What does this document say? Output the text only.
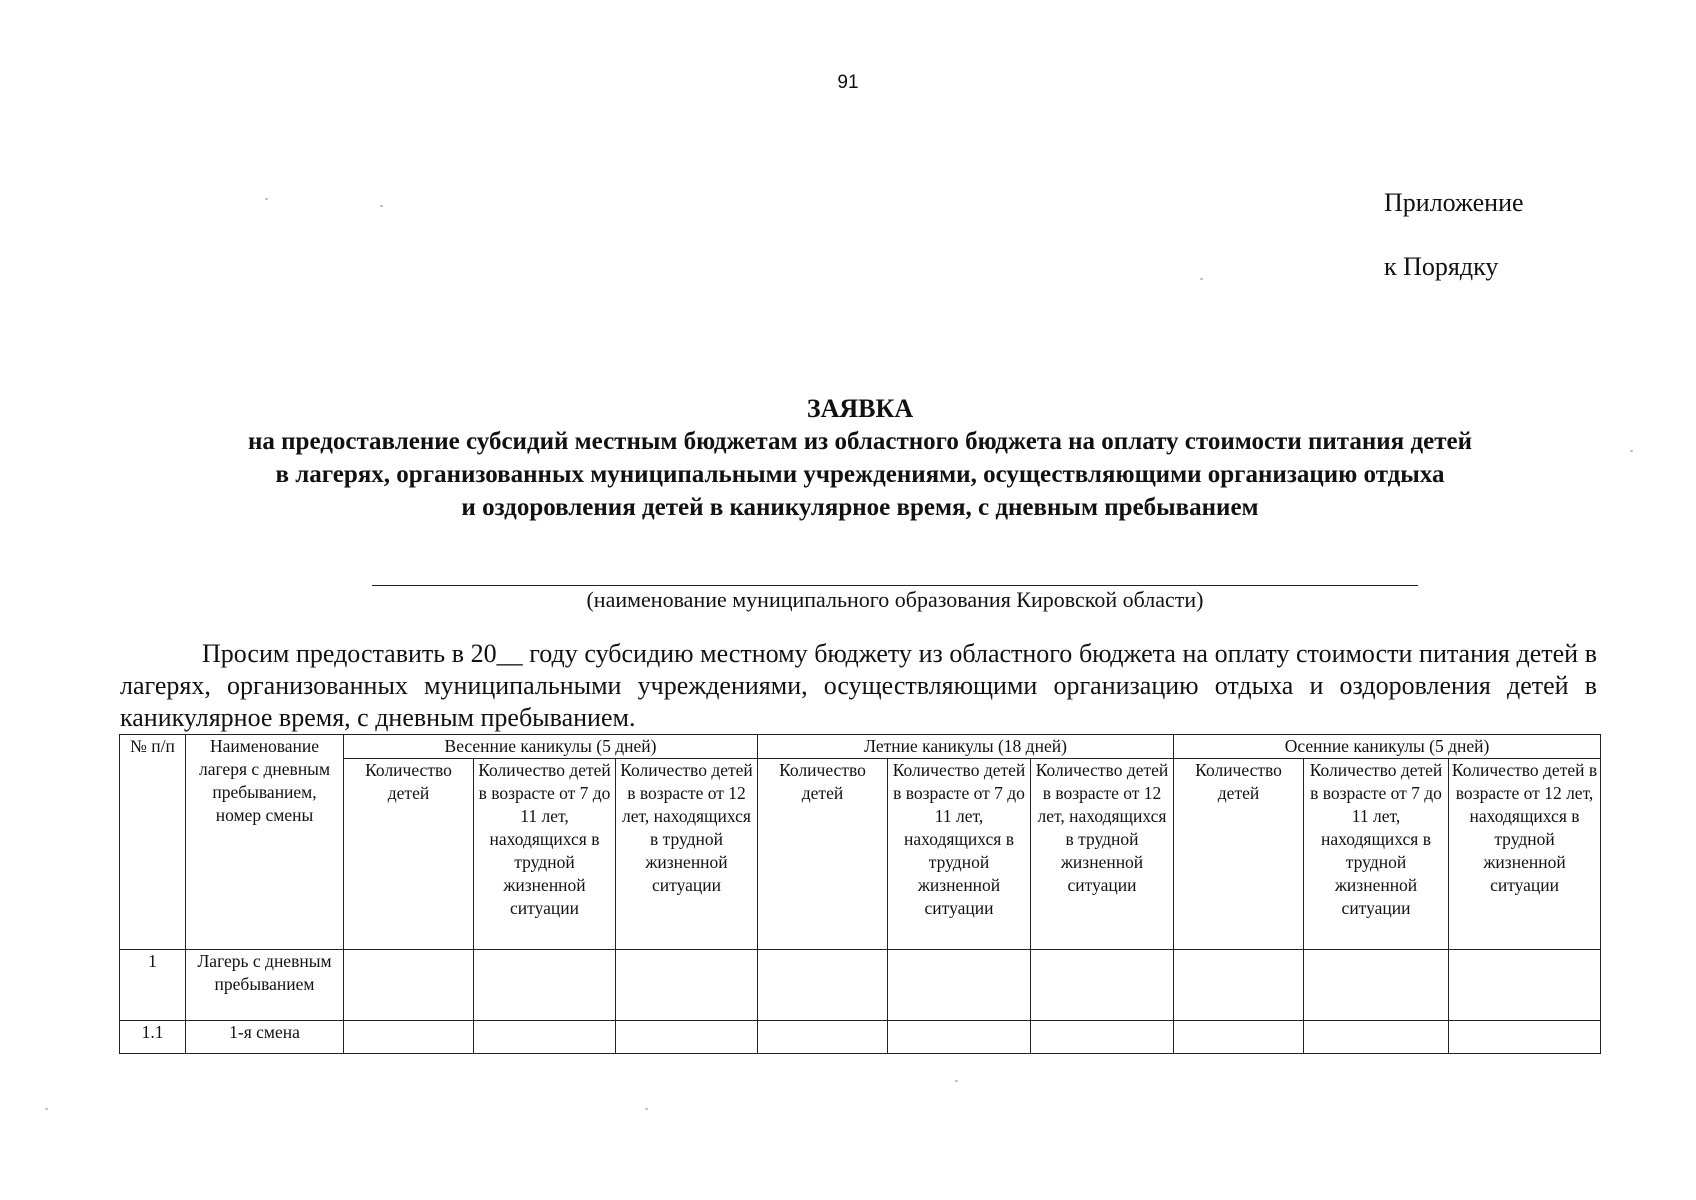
91
Приложение
к Порядку
ЗАЯВКА
на предоставление субсидий местным бюджетам из областного бюджета на оплату стоимости питания детей
в лагерях, организованных муниципальными учреждениями, осуществляющими организацию отдыха
и оздоровления детей в каникулярное время, с дневным пребыванием
(наименование муниципального образования Кировской области)
Просим предоставить в 20__ году субсидию местному бюджету из областного бюджета на оплату стоимости питания детей в лагерях, организованных муниципальными учреждениями, осуществляющими организацию отдыха и оздоровления детей в каникулярное время, с дневным пребыванием.
№ п/п	Наименование лагеря с дневным пребыванием, номер смены	Весенние каникулы (5 дней)			Летние каникулы (18 дней)			Осенние каникулы (5 дней)		
		Количество детей	Количество детей в возрасте от 7 до 11 лет, находящихся в трудной жизненной ситуации	Количество детей в возрасте от 12 лет, находящихся в трудной жизненной ситуации	Количество детей	Количество детей в возрасте от 7 до 11 лет, находящихся в трудной жизненной ситуации	Количество детей в возрасте от 12 лет, находящихся в трудной жизненной ситуации	Количество детей	Количество детей в возрасте от 7 до 11 лет, находящихся в трудной жизненной ситуации	Количество детей в возрасте от 12 лет, находящихся в трудной жизненной ситуации
1	Лагерь с дневным пребыванием									
1.1	1-я смена									
